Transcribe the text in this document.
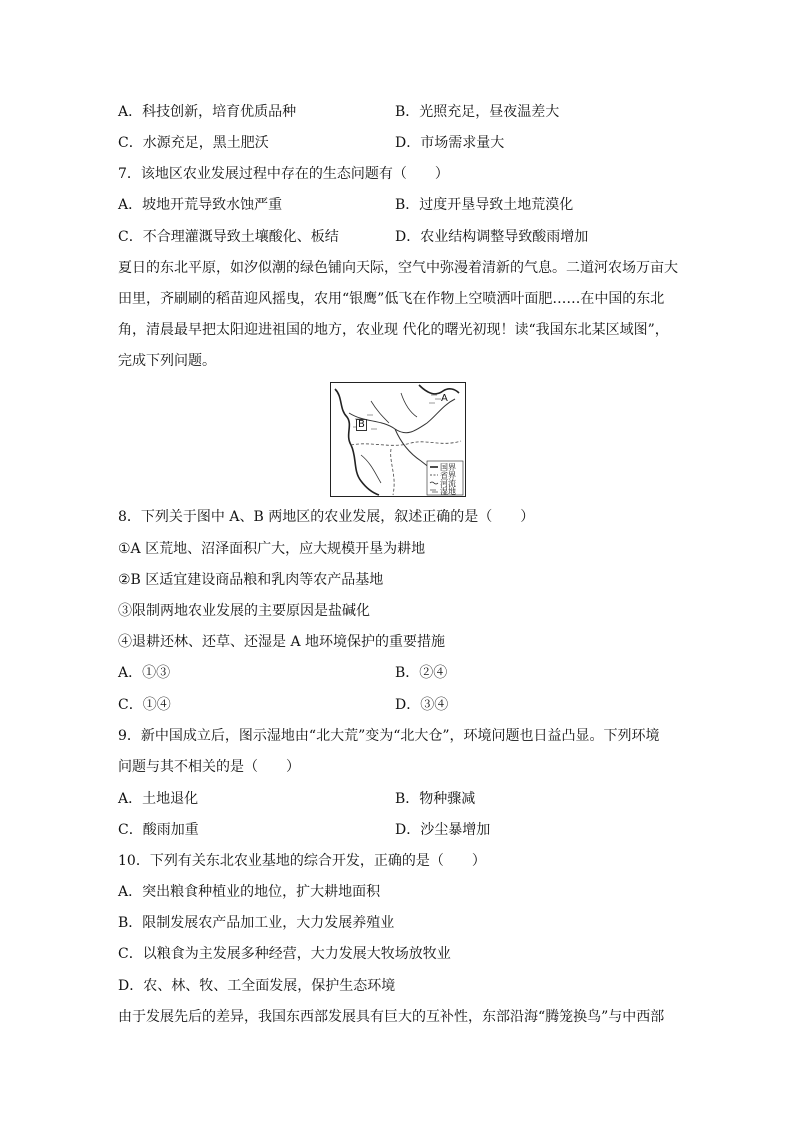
A．科技创新，培育优质品种	B．光照充足，昼夜温差大
C．水源充足，黑土肥沃	D．市场需求量大
7．该地区农业发展过程中存在的生态问题有（　　）
A．坡地开荒导致水蚀严重	B．过度开垦导致土地荒漠化
C．不合理灌溉导致土壤酸化、板结	D．农业结构调整导致酸雨增加
夏日的东北平原，如汐似潮的绿色铺向天际，空气中弥漫着清新的气息。二道河农场万亩大
田里，齐刷刷的稻苗迎风摇曳，农用“银鹰”低飞在作物上空喷洒叶面肥……在中国的东北
角，清晨最早把太阳迎进祖国的地方，农业现 代化的曙光初现！读“我国东北某区域图”，
完成下列问题。
A
B
国界
省界
河流
湿地
8．下列关于图中 A、B 两地区的农业发展，叙述正确的是（　　）
①A 区荒地、沼泽面积广大，应大规模开垦为耕地
②B 区适宜建设商品粮和乳肉等农产品基地
③限制两地农业发展的主要原因是盐碱化
④退耕还林、还草、还湿是 A 地环境保护的重要措施
A．①③	B．②④
C．①④	D．③④
9．新中国成立后，图示湿地由“北大荒”变为“北大仓”，环境问题也日益凸显。下列环境
问题与其不相关的是（　　）
A．土地退化	B．物种骤减
C．酸雨加重	D．沙尘暴增加
10．下列有关东北农业基地的综合开发，正确的是（　　）
A．突出粮食种植业的地位，扩大耕地面积
B．限制发展农产品加工业，大力发展养殖业
C．以粮食为主发展多种经营，大力发展大牧场放牧业
D．农、林、牧、工全面发展，保护生态环境
由于发展先后的差异，我国东西部发展具有巨大的互补性，东部沿海“腾笼换鸟”与中西部
